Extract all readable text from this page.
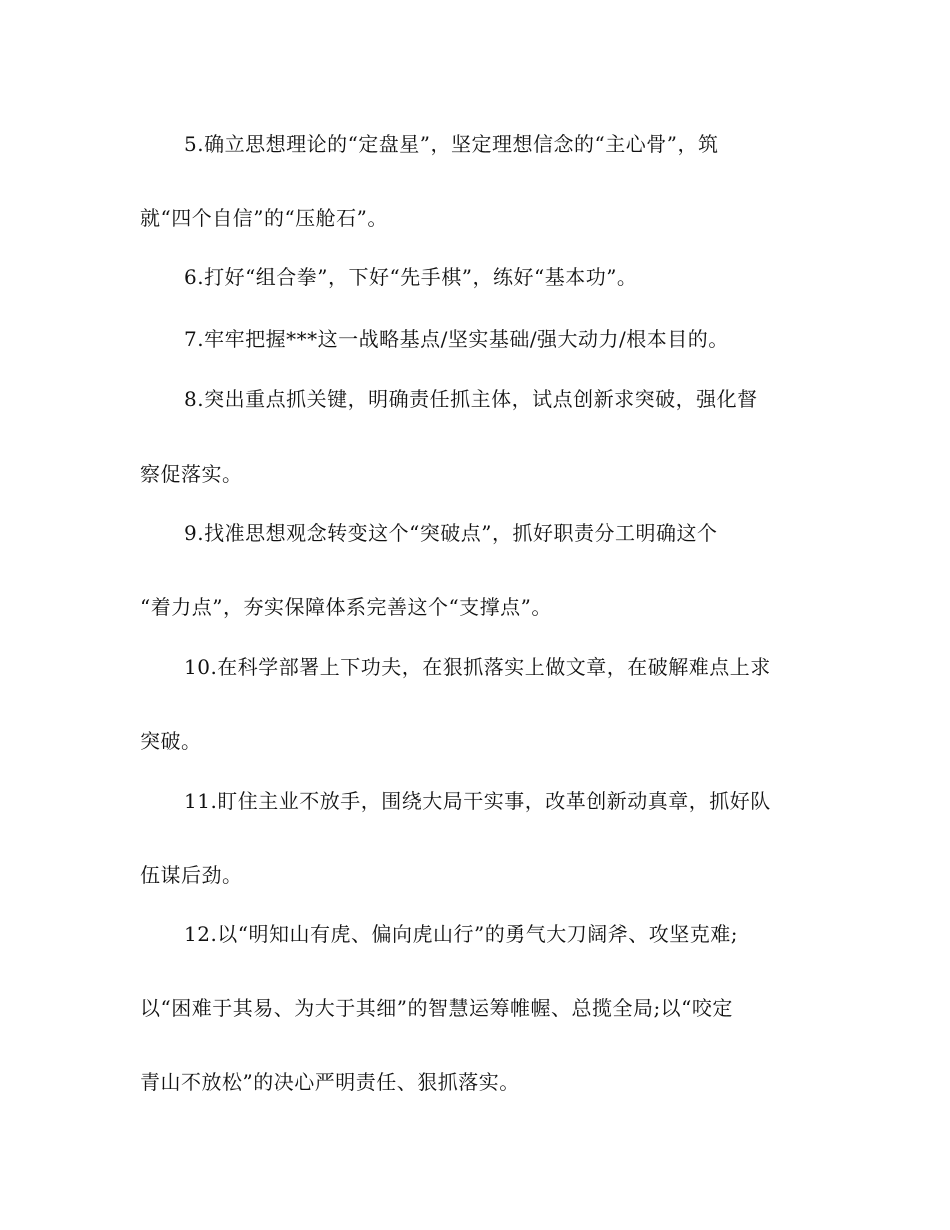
5.确立思想理论的“定盘星”，坚定理想信念的“主心骨”，筑
就“四个自信”的“压舱石”。
6.打好“组合拳”，下好“先手棋”，练好“基本功”。
7.牢牢把握***这一战略基点/坚实基础/强大动力/根本目的。
8.突出重点抓关键，明确责任抓主体，试点创新求突破，强化督
察促落实。
9.找准思想观念转变这个“突破点”，抓好职责分工明确这个
“着力点”，夯实保障体系完善这个“支撑点”。
10.在科学部署上下功夫，在狠抓落实上做文章，在破解难点上求
突破。
11.盯住主业不放手，围绕大局干实事，改革创新动真章，抓好队
伍谋后劲。
12.以“明知山有虎、偏向虎山行”的勇气大刀阔斧、攻坚克难;
以“困难于其易、为大于其细”的智慧运筹帷幄、总揽全局;以“咬定
青山不放松”的决心严明责任、狠抓落实。
